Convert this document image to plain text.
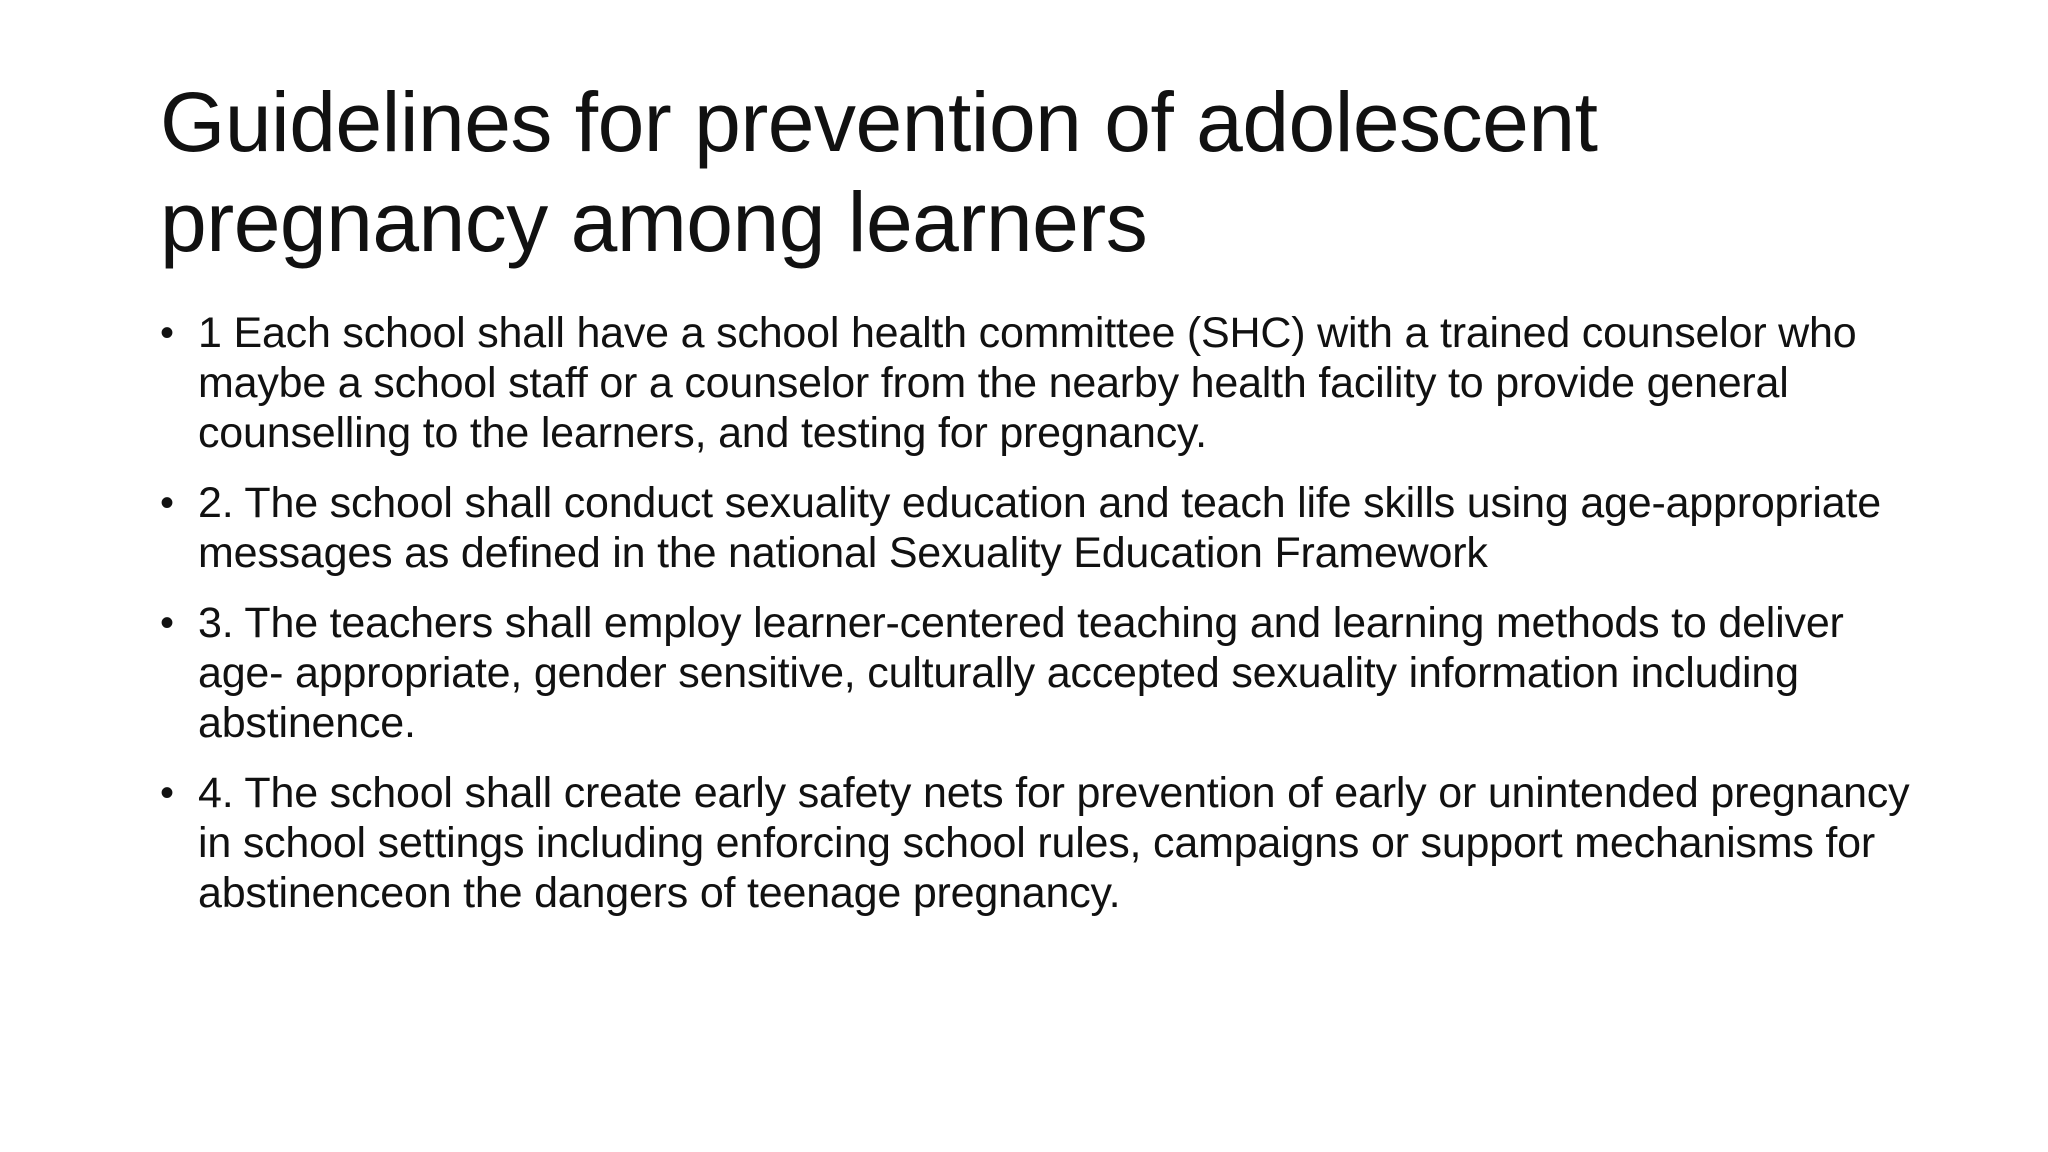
Guidelines for prevention of adolescent pregnancy among learners
• 1 Each school shall have a school health committee (SHC) with a trained counselor who maybe a school staff or a counselor from the nearby health facility to provide general counselling to the learners, and testing for pregnancy.
• 2. The school shall conduct sexuality education and teach life skills using age-appropriate messages as defined in the national Sexuality Education Framework
• 3. The teachers shall employ learner-centered teaching and learning methods to deliver age- appropriate, gender sensitive, culturally accepted sexuality information including abstinence.
• 4. The school shall create early safety nets for prevention of early or unintended pregnancy in school settings including enforcing school rules, campaigns or support mechanisms for abstinenceon the dangers of teenage pregnancy.
